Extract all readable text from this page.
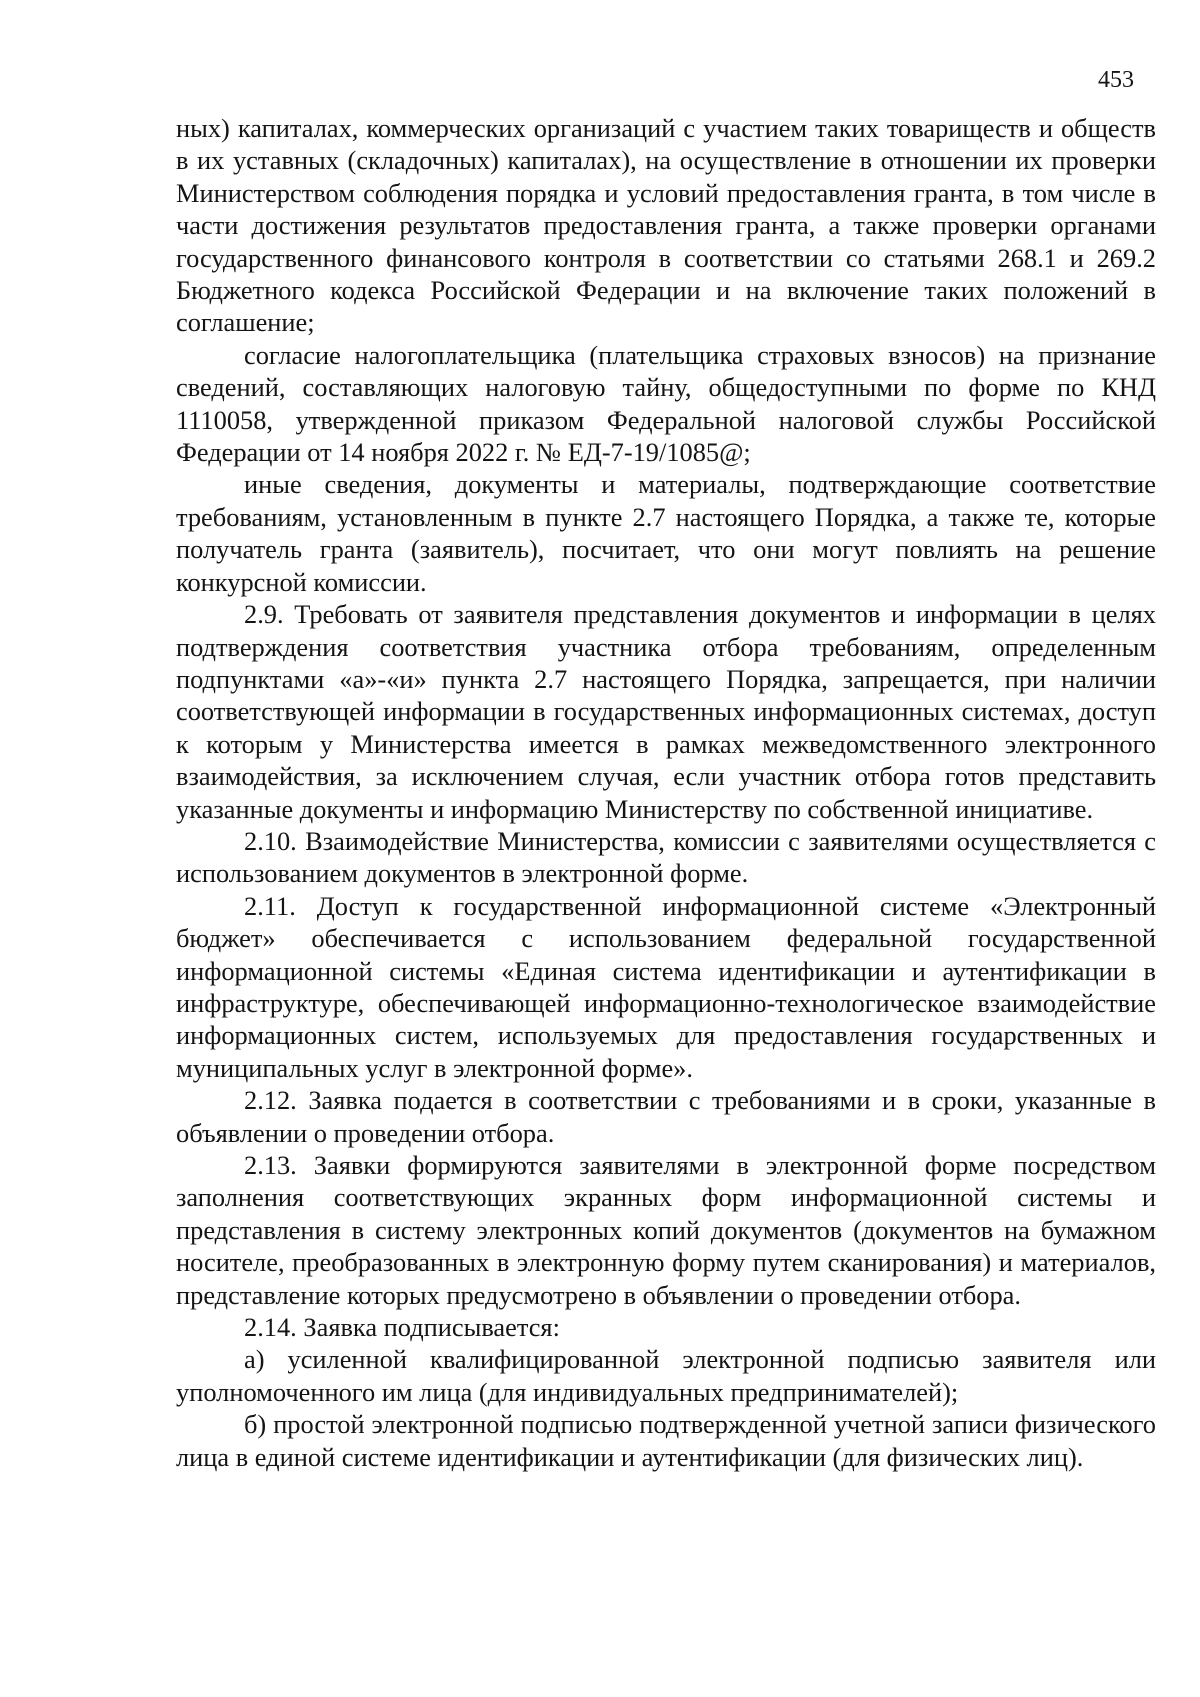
453

ных) капиталах, коммерческих организаций с участием таких товариществ и обществ в их уставных (складочных) капиталах), на осуществление в отношении их проверки Министерством соблюдения порядка и условий предоставления гранта, в том числе в части достижения результатов предоставления гранта, а также проверки органами государственного финансового контроля в соответствии со статьями 268.1 и 269.2 Бюджетного кодекса Российской Федерации и на включение таких положений в соглашение;

согласие налогоплательщика (плательщика страховых взносов) на признание сведений, составляющих налоговую тайну, общедоступными по форме по КНД 1110058, утвержденной приказом Федеральной налоговой службы Российской Федерации от 14 ноября 2022 г. № ЕД-7-19/1085@;

иные сведения, документы и материалы, подтверждающие соответствие требованиям, установленным в пункте 2.7 настоящего Порядка, а также те, которые получатель гранта (заявитель), посчитает, что они могут повлиять на решение конкурсной комиссии.

2.9. Требовать от заявителя представления документов и информации в целях подтверждения соответствия участника отбора требованиям, определенным подпунктами «а»-«и» пункта 2.7 настоящего Порядка, запрещается, при наличии соответствующей информации в государственных информационных системах, доступ к которым у Министерства имеется в рамках межведомственного электронного взаимодействия, за исключением случая, если участник отбора готов представить указанные документы и информацию Министерству по собственной инициативе.

2.10. Взаимодействие Министерства, комиссии с заявителями осуществляется с использованием документов в электронной форме.

2.11. Доступ к государственной информационной системе «Электронный бюджет» обеспечивается с использованием федеральной государственной информационной системы «Единая система идентификации и аутентификации в инфраструктуре, обеспечивающей информационно-технологическое взаимодействие информационных систем, используемых для предоставления государственных и муниципальных услуг в электронной форме».

2.12. Заявка подается в соответствии с требованиями и в сроки, указанные в объявлении о проведении отбора.

2.13. Заявки формируются заявителями в электронной форме посредством заполнения соответствующих экранных форм информационной системы и представления в систему электронных копий документов (документов на бумажном носителе, преобразованных в электронную форму путем сканирования) и материалов, представление которых предусмотрено в объявлении о проведении отбора.

2.14. Заявка подписывается:

а) усиленной квалифицированной электронной подписью заявителя или уполномоченного им лица (для индивидуальных предпринимателей);

б) простой электронной подписью подтвержденной учетной записи физического лица в единой системе идентификации и аутентификации (для физических лиц).
